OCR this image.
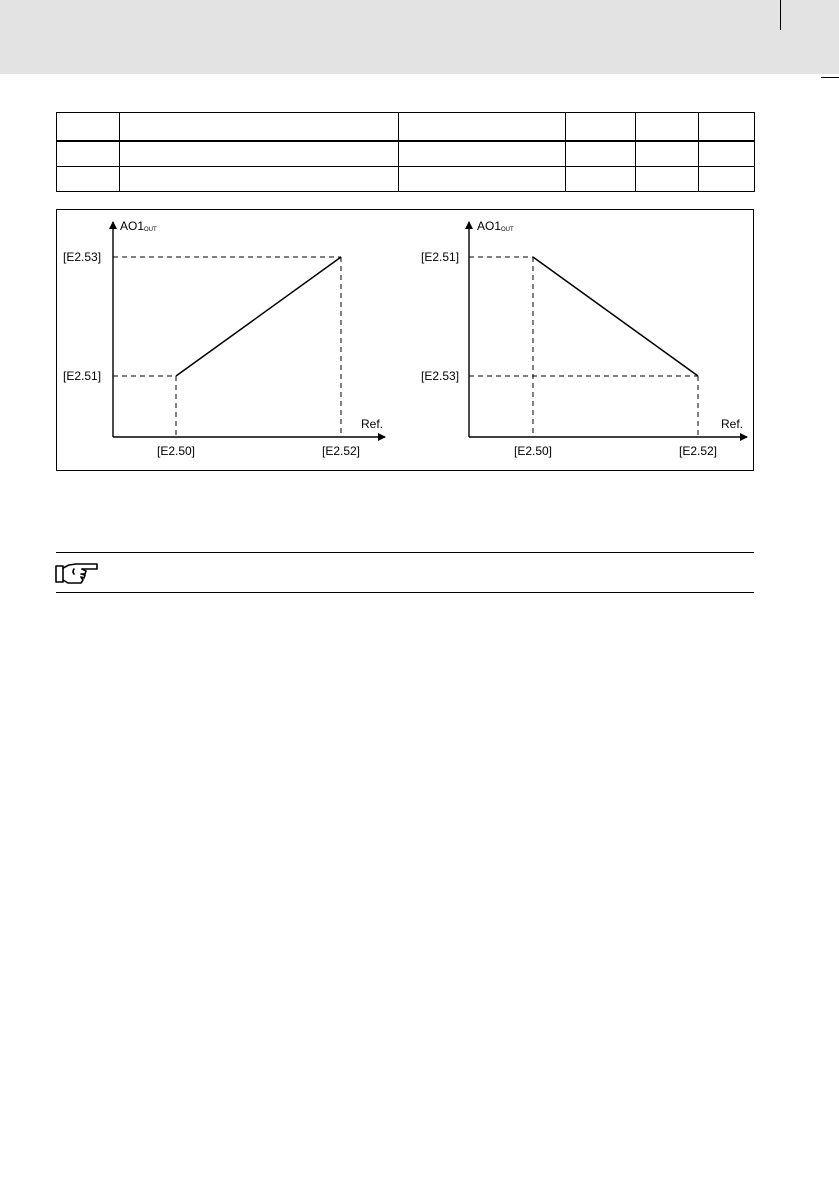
AO1OUT
[E2.53]
[E2.51]
Ref.
[E2.50]	[E2.52]
AO1OUT
[E2.51]
[E2.53]
Ref.
[E2.50]	[E2.52]
